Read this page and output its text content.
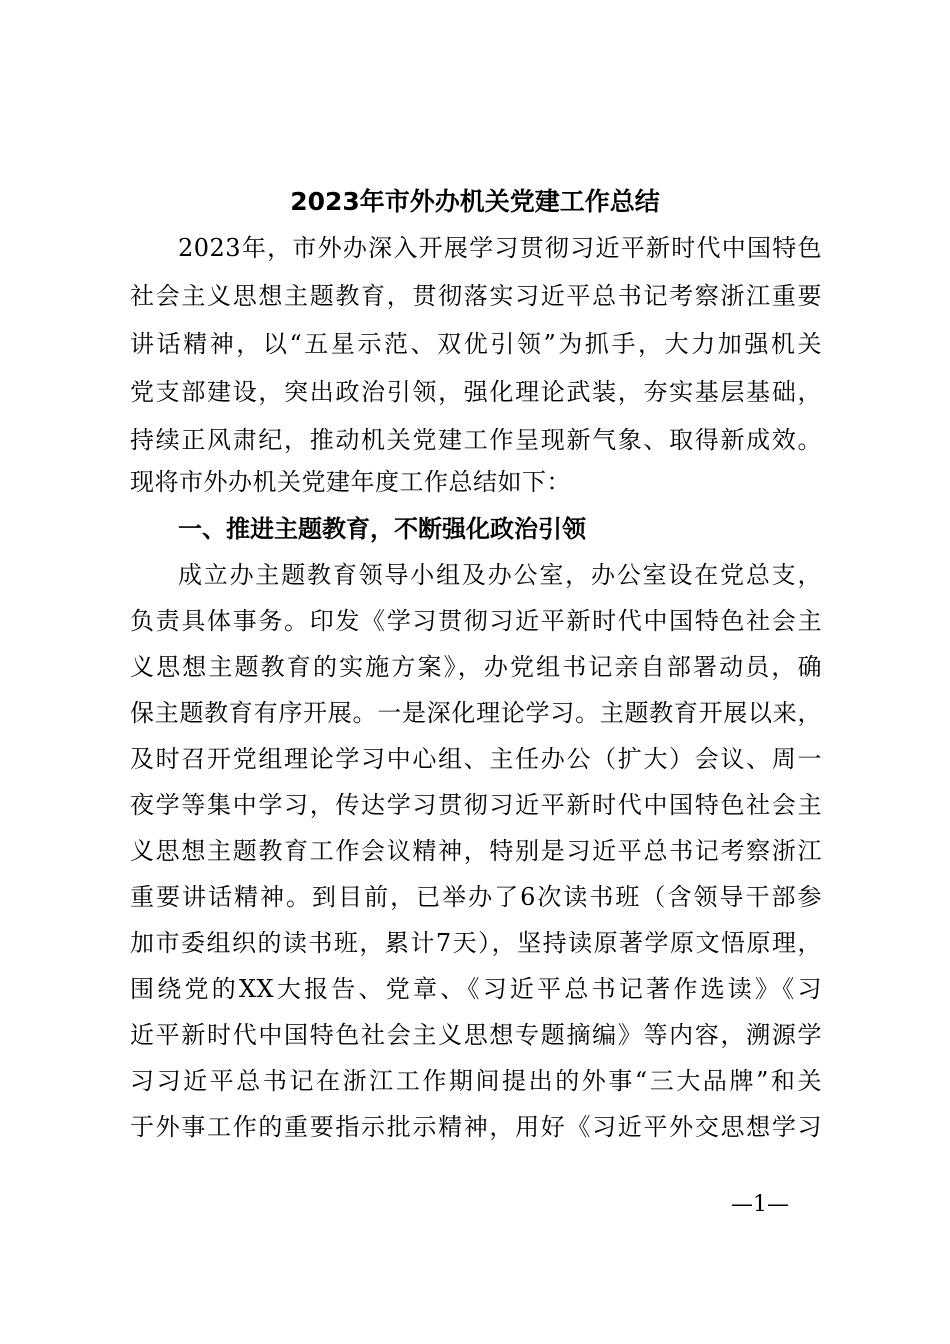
2023年市外办机关党建工作总结
2023年，市外办深入开展学习贯彻习近平新时代中国特色
社会主义思想主题教育，贯彻落实习近平总书记考察浙江重要
讲话精神，以“五星示范、双优引领”为抓手，大力加强机关
党支部建设，突出政治引领，强化理论武装，夯实基层基础，
持续正风肃纪，推动机关党建工作呈现新气象、取得新成效。
现将市外办机关党建年度工作总结如下：
一、推进主题教育，不断强化政治引领
成立办主题教育领导小组及办公室，办公室设在党总支，
负责具体事务。印发《学习贯彻习近平新时代中国特色社会主
义思想主题教育的实施方案》，办党组书记亲自部署动员，确
保主题教育有序开展。一是深化理论学习。主题教育开展以来，
及时召开党组理论学习中心组、主任办公（扩大）会议、周一
夜学等集中学习，传达学习贯彻习近平新时代中国特色社会主
义思想主题教育工作会议精神，特别是习近平总书记考察浙江
重要讲话精神。到目前，已举办了6次读书班（含领导干部参
加市委组织的读书班，累计7天），坚持读原著学原文悟原理，
围绕党的XX大报告、党章、《习近平总书记著作选读》《习
近平新时代中国特色社会主义思想专题摘编》等内容，溯源学
习习近平总书记在浙江工作期间提出的外事“三大品牌”和关
于外事工作的重要指示批示精神，用好《习近平外交思想学习
—1—
